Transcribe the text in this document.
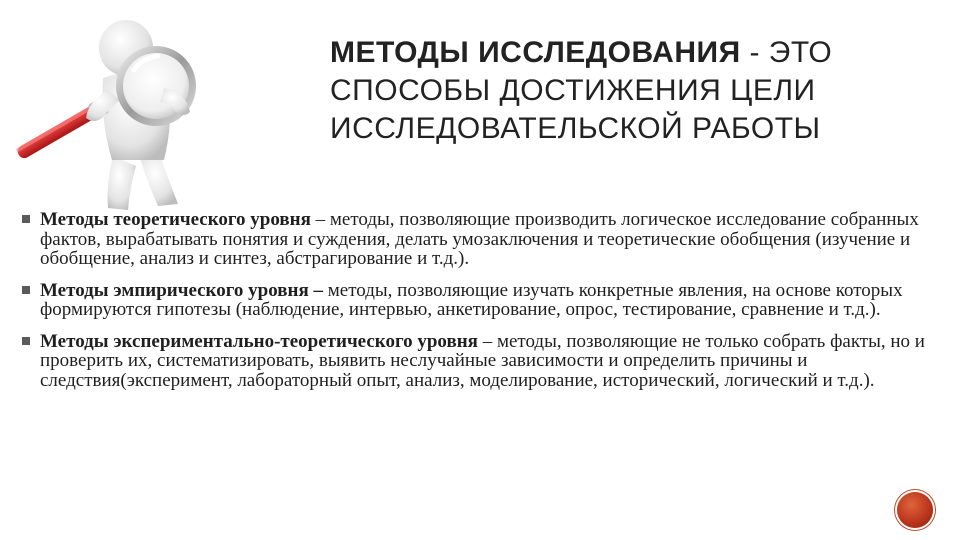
МЕТОДЫ ИССЛЕДОВАНИЯ - ЭТО СПОСОБЫ ДОСТИЖЕНИЯ ЦЕЛИ ИССЛЕДОВАТЕЛЬСКОЙ РАБОТЫ
Методы теоретического уровня – методы, позволяющие производить логическое исследование собранных фактов, вырабатывать понятия и суждения, делать умозаключения и теоретические обобщения (изучение и обобщение, анализ и синтез, абстрагирование и т.д.).
Методы эмпирического уровня – методы, позволяющие изучать конкретные явления, на основе которых формируются гипотезы (наблюдение, интервью, анкетирование, опрос, тестирование, сравнение и т.д.).
Методы экспериментально-теоретического уровня – методы, позволяющие не только собрать факты, но и проверить их, систематизировать, выявить неслучайные зависимости и определить причины и следствия(эксперимент, лабораторный опыт, анализ, моделирование, исторический, логический и т.д.).
